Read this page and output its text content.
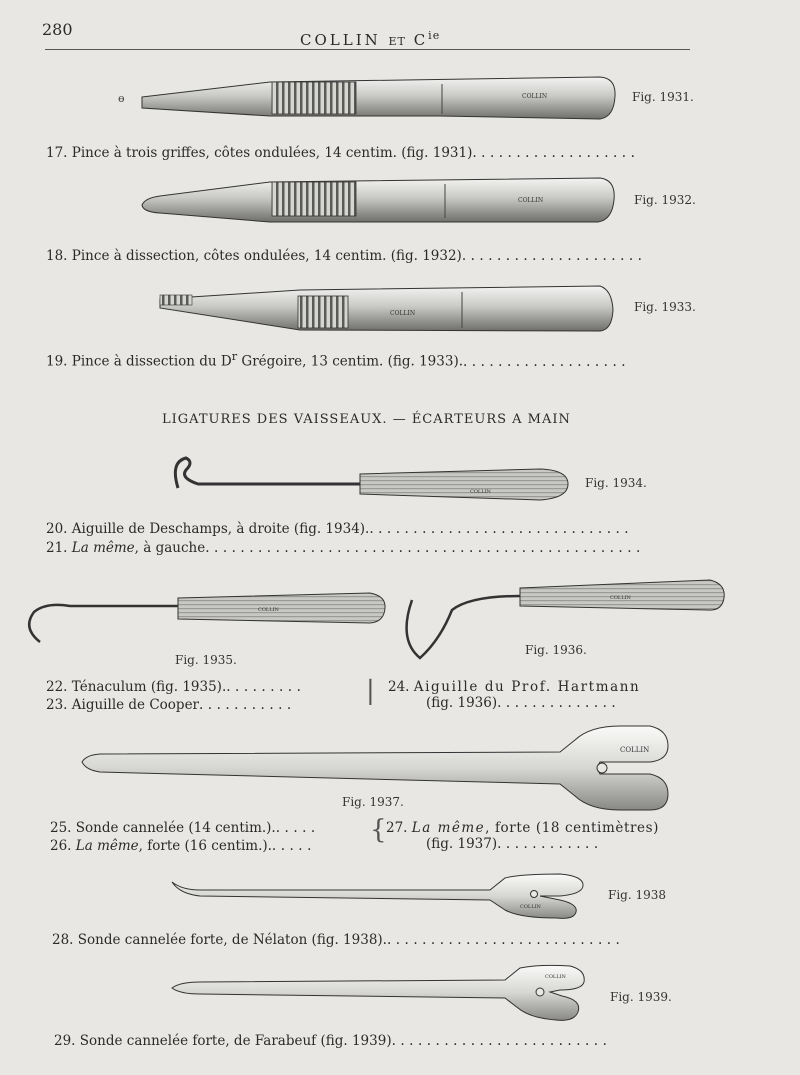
280
COLLIN ET $C^{ie}$
ɵ	COLLIN
COLLIN
COLLIN
COLLIN
COLLIN
COLLIN
COLLIN
COLLIN
COLLIN
Fig. 1931.
Fig. 1932.
Fig. 1933.
Fig. 1934.
Fig. 1935.
Fig. 1936.
Fig. 1937.
Fig. 1938
Fig. 1939.
17. Pince à trois griffes, côtes ondulées, 14 centim. (fig. 1931)...................
18. Pince à dissection, côtes ondulées, 14 centim. (fig. 1932).....................
19. Pince à dissection du $D^r$ Grégoire, 13 centim. (fig. 1933)....................
LIGATURES DES VAISSEAUX. — ÉCARTEURS A MAIN
20. Aiguille de Deschamps, à droite (fig. 1934)...............................
21. La même, à gauche..................................................
22. Ténaculum (fig. 1935)..........
23. Aiguille de Cooper...........	| 24. Aiguille du Prof. Hartmann
(fig. 1936)..............
25. Sonde cannelée (14 centim.)......
26. La même, forte (16 centim.)......
{ 27. La même, forte (18 centimètres)
(fig. 1937)............
28. Sonde cannelée forte, de Nélaton (fig. 1938)............................
29. Sonde cannelée forte, de Farabeuf (fig. 1939).........................
